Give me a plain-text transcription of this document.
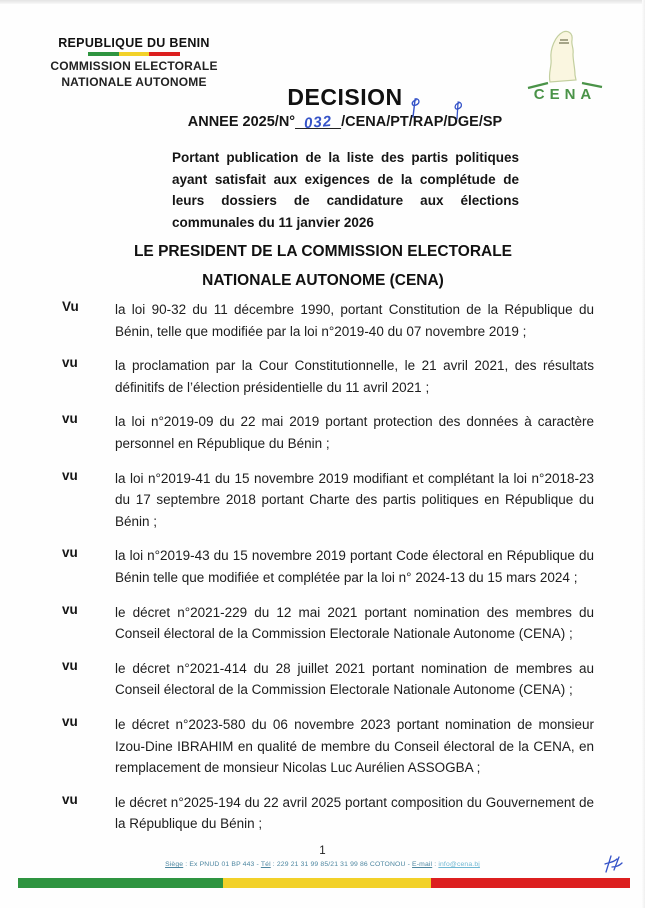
REPUBLIQUE DU BENIN
COMMISSION ELECTORALE
NATIONALE AUTONOME
CENA
DECISION
ANNEE 2025/N° 032 /CENA/PT/RAP/DGE/SP
Portant publication de la liste des partis politiques ayant satisfait aux exigences de la complétude de leurs dossiers de candidature aux élections communales du 11 janvier 2026
LE PRESIDENT DE LA COMMISSION ELECTORALE
NATIONALE AUTONOME (CENA)
Vu	la loi 90-32 du 11 décembre 1990, portant Constitution de la République du Bénin, telle que modifiée par la loi n°2019-40 du 07 novembre 2019 ;
vu	la proclamation par la Cour Constitutionnelle, le 21 avril 2021, des résultats définitifs de l’élection présidentielle du 11 avril 2021 ;
vu	la loi n°2019-09 du 22 mai 2019 portant protection des données à caractère personnel en République du Bénin ;
vu	la loi n°2019-41 du 15 novembre 2019 modifiant et complétant la loi n°2018-23 du 17 septembre 2018 portant Charte des partis politiques en République du Bénin ;
vu	la loi n°2019-43 du 15 novembre 2019 portant Code électoral en République du Bénin telle que modifiée et complétée par la loi n° 2024-13 du 15 mars 2024 ;
vu	le décret n°2021-229 du 12 mai 2021 portant nomination des membres du Conseil électoral de la Commission Electorale Nationale Autonome (CENA) ;
vu	le décret n°2021-414 du 28 juillet 2021 portant nomination de membres au Conseil électoral de la Commission Electorale Nationale Autonome (CENA) ;
vu	le décret n°2023-580 du 06 novembre 2023 portant nomination de monsieur Izou-Dine IBRAHIM en qualité de membre du Conseil électoral de la CENA, en remplacement de monsieur Nicolas Luc Aurélien ASSOGBA ;
vu	le décret n°2025-194 du 22 avril 2025 portant composition du Gouvernement de la République du Bénin ;
1
Siège : Ex PNUD 01 BP 443 - Tél : 229 21 31 99 85/21 31 99 86 COTONOU - E-mail : info@cena.bj
